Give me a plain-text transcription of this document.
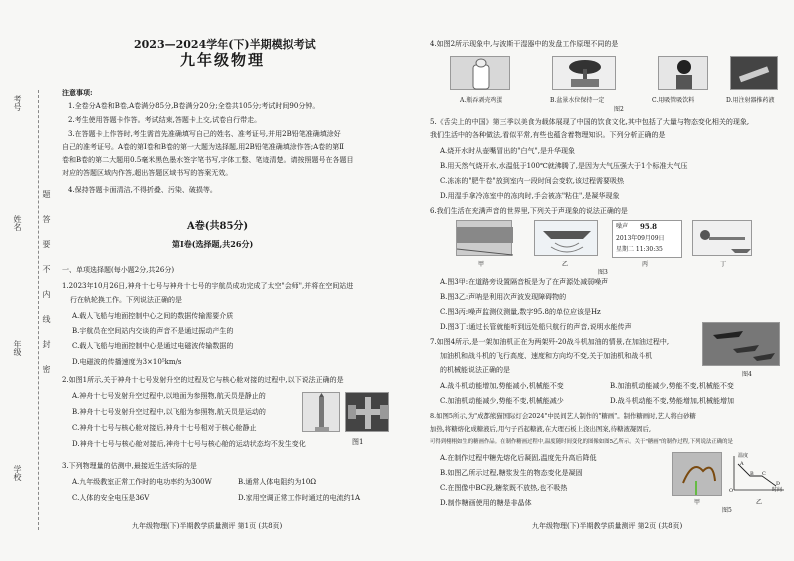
考号
姓名
年级
学校
题
答
要
不
内
线
封
密
2023—2024学年(下)半期模拟考试
九年级物理
注意事项:
1.全卷分A卷和B卷,A卷满分85分,B卷满分20分;全卷共105分;考试时间90分钟。
2.考生使用答题卡作答。考试结束,答题卡上交,试卷自行带走。
3.在答题卡上作答时,考生需首先准确填写自己的姓名、准考证号,并用2B铅笔准确填涂好
自己的准考证号。A卷的第Ⅰ卷和B卷的第一大题为选择题,用2B铅笔准确填涂作答;A卷的第Ⅱ
卷和B卷的第二大题用0.5毫米黑色墨水签字笔书写,字体工整、笔迹清楚。请按照题号在各题目
对应的答题区域内作答,超出答题区域书写的答案无效。
4.保持答题卡面清洁,不得折叠、污染、破损等。
A卷(共85分)
第Ⅰ卷(选择题,共26分)
一、单项选择题(每小题2分,共26分)
1.2023年10月26日,神舟十七号与神舟十七号的宇航员成功完成了太空"会师",并将在空间站进
行在轨轮换工作。下列说法正确的是
A.载人飞船与地面控制中心之间的数据传输需要介质
B.宇航员在空间站内交谈的声音不是通过振动产生的
C.载人飞船与地面控制中心是通过电磁波传输数据的
D.电磁波的传播速度为3×10⁵km/s
2.如图1所示,关于神舟十七号发射升空的过程及它与核心舱对接的过程中,以下说法正确的是
A.神舟十七号发射升空过程中,以地面为参照物,航天员是静止的
B.神舟十七号发射升空过程中,以飞船为参照物,航天员是运动的
C.神舟十七号与核心舱对接后,神舟十七号相对于核心舱静止
D.神舟十七号与核心舱对接后,神舟十七号与核心舱的运动状态均不发生变化	图1
3.下列物理量的估测中,最接近生活实际的是
A.九年级教室正常工作时的电功率约为300W	B.通常人体电阻约为10Ω
C.人体的安全电压是36V	D.家用空调正常工作时通过的电流约1A
九年级物理(下)半期教学质量测评 第1页 (共8页)
4.如图2所示现象中,与波斯干湿器中的发盘工作原理不同的是
A.瓶吞剥壳鸡蛋	B.盆景水位保持一定	C.用吸管吸饮料	D.用注射器推药液
图2
5.《舌尖上的中国》第三季以美食为载体展现了中国的饮食文化,其中包括了大量与物态变化相关的现象,
我们生活中的各种做法,看似平常,有些也蕴含着物理知识。下列分析正确的是
A.烧开水时从壶嘴冒出的"白气",是升华现象
B.用天然气烧开水,水温低于100℃就沸腾了,是因为大气压强大于1个标准大气压
C.冻冻的"肥牛卷"放到室内一段时间会变软,该过程需要吸热
D.用湿手拿冷冻室中的冻肉时,手会被冻"粘住",是凝华现象
6.我们生活在充满声音的世界里,下列关于声现象的说法正确的是
噪声 95.8
2013年09月09日
星期二 11:30:35
甲	乙	丙	丁
图3
A.图3甲:在道路旁设置隔音板是为了在声源处减弱噪声
B.图3乙:声呐是利用次声波发现障碍物的
C.图3丙:噪声监测仪测量,数字95.8的单位应该是Hz
D.图3丁:通过长管就能听到远处船只航行的声音,说明水能传声
7.如图4所示,是一架加油机正在为两架歼-20战斗机加油的情景,在加油过程中,
加油机和战斗机的飞行高度、速度和方向均不变,关于加油机和战斗机
的机械能说法正确的是
图4
A.战斗机动能增加,势能减小,机械能不变	B.加油机动能减少,势能不变,机械能不变
C.加油机动能减少,势能不变,机械能减少	D.战斗机动能不变,势能增加,机械能增加
8.如图5所示,为"成都熊猫国际灯会2024"中民间艺人制作的"糖画"。制作糖画时,艺人将白砂糖
加热,将糖熔化成糖液后,用勺子舀起糖液,在大理石板上浇出图案,待糖液凝固后,
可得到栩栩如生的糖画作品。在制作糖画过程中,温度随时间变化的图像如图5乙所示。关于"糖画"的制作过程,下列说法正确的是
A.在制作过程中糖先熔化后凝固,温度先升高后降低
B.如图乙所示过程,糖浆发生的物态变化是凝固
C.在图像中BC段,糖浆既不放热,也不吸热
D.制作糖画使用的糖是非晶体
温度
时间
O
A
B C
D
甲	乙
图5
九年级物理(下)半期教学质量测评 第2页 (共8页)
